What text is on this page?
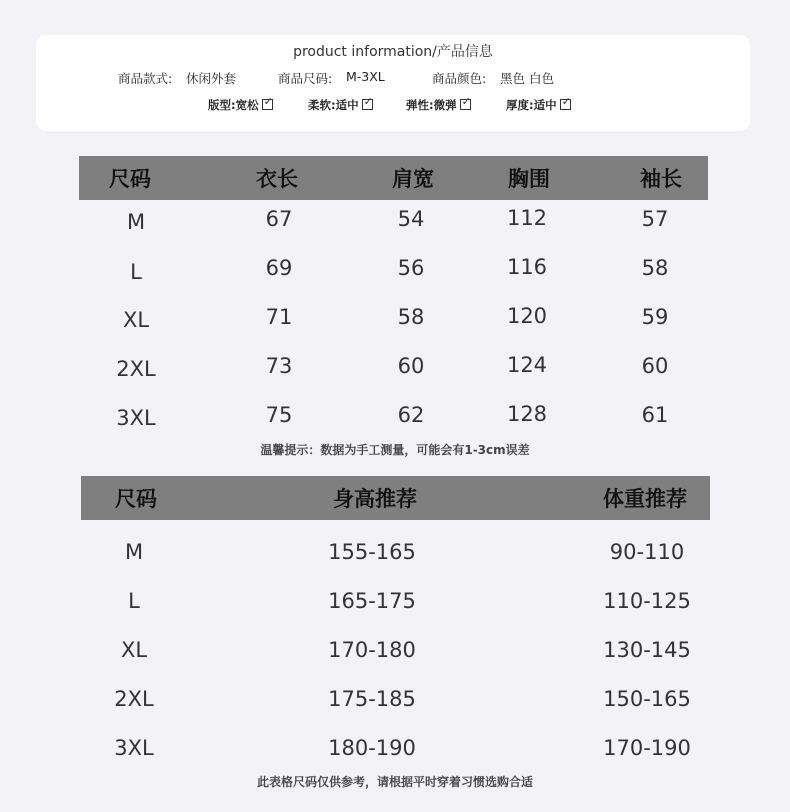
product information/产品信息
商品款式: 休闲外套	商品尺码: M-3XL	商品颜色: 黑色 白色
版型:宽松 ✓	柔软:适中 ✓	弹性:微弹 ✓	厚度:适中✓
尺码	衣长	肩宽	胸围	袖长
M	67	54	112	57
L	69	56	116	58
XL	71	58	120	59
2XL	73	60	124	60
3XL	75	62	128	61
温馨提示：数据为手工测量，可能会有1-3cm误差
尺码	身高推荐	体重推荐
M	155-165	90-110
L	165-175	110-125
XL	170-180	130-145
2XL	175-185	150-165
3XL	180-190	170-190
此表格尺码仅供参考，请根据平时穿着习惯选购合适
